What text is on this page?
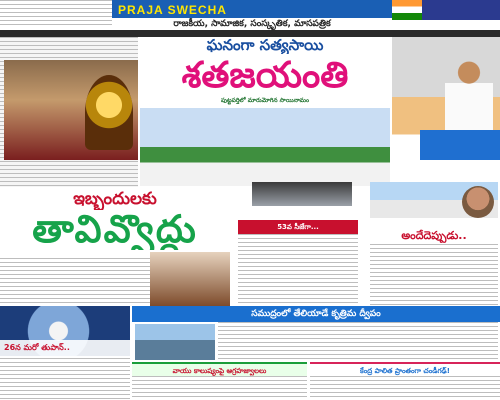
PRAJA SWECHA
రాజకీయ, సామాజిక, సంస్కృతిక, మాసపత్రిక
ఘనంగా సత్యసాయి
శతజయంతి
పుట్టపర్తిలో మారుమోగిన సాయినామం
ఇబ్బందులకు
తావివ్వొద్దు	53వ సీజేగా...
అందేదెప్పుడు..
26న మరో తుపాన్..
సముద్రంలో తేలియాడే కృత్రిమ ద్వీపం
వాయు కాలుష్యంపై ఆగ్రహజ్వాలలు	కేంద్ర పాలిత ప్రాంతంగా చండీగఢ్!
